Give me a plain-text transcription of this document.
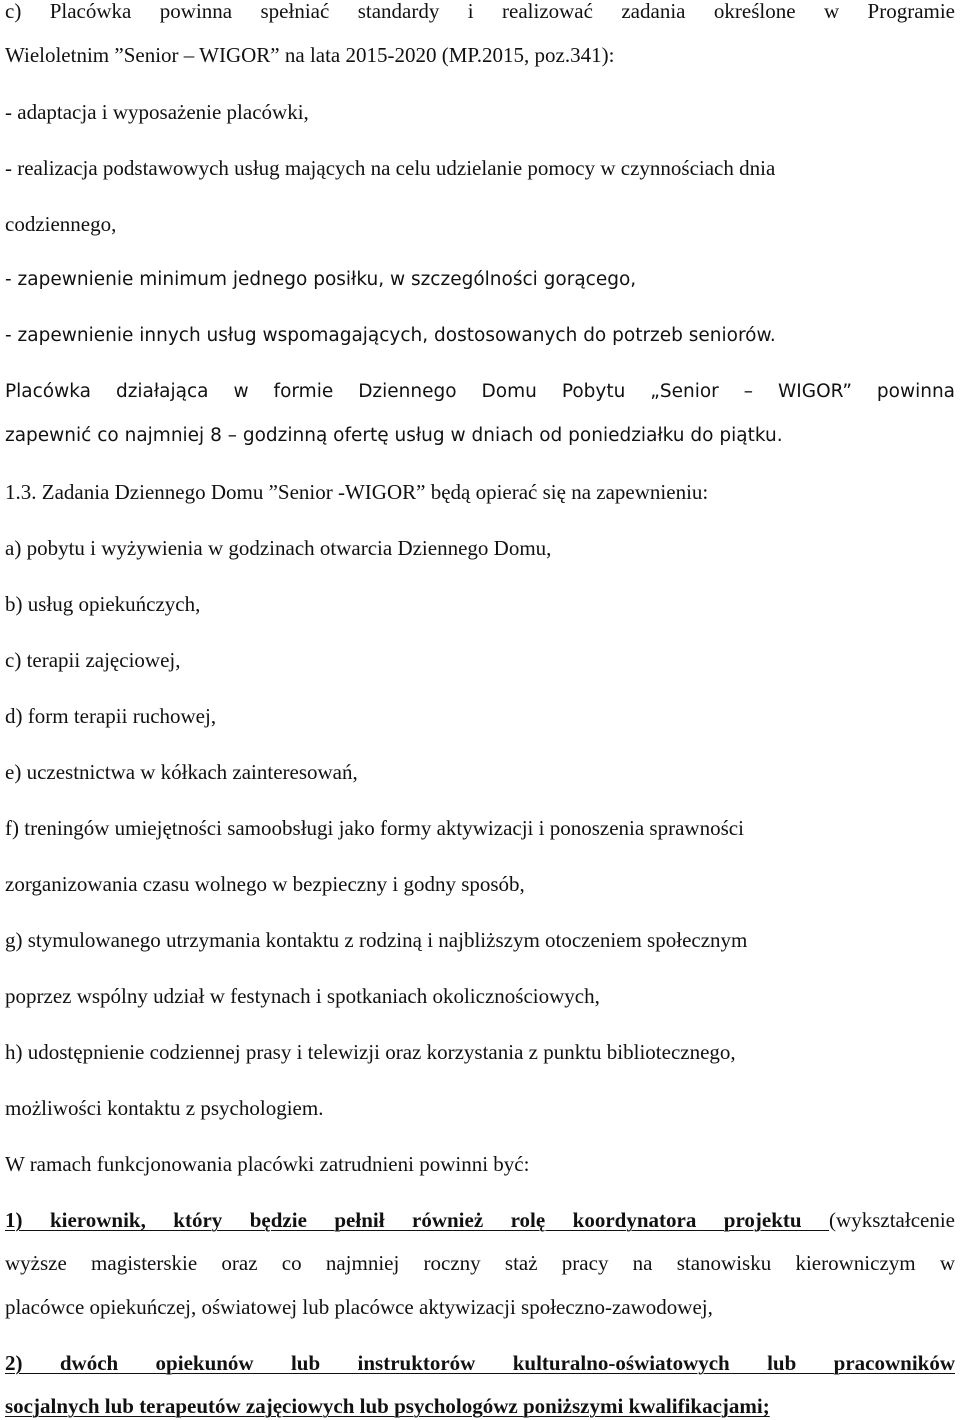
c) Placówka powinna spełniać standardy i realizować zadania określone w Programie
Wieloletnim ”Senior – WIGOR” na lata 2015-2020 (MP.2015, poz.341):
- adaptacja i wyposażenie placówki,
- realizacja podstawowych usług mających na celu udzielanie pomocy w czynnościach dnia
codziennego,
- zapewnienie minimum jednego posiłku, w szczególności gorącego,
- zapewnienie innych usług wspomagających, dostosowanych do potrzeb seniorów.
Placówka działająca w formie Dziennego Domu Pobytu „Senior – WIGOR” powinna
zapewnić co najmniej 8 – godzinną ofertę usług w dniach od poniedziałku do piątku.
1.3. Zadania Dziennego Domu ”Senior -WIGOR” będą opierać się na zapewnieniu:
a) pobytu i wyżywienia w godzinach otwarcia Dziennego Domu,
b) usług opiekuńczych,
c) terapii zajęciowej,
d) form terapii ruchowej,
e) uczestnictwa w kółkach zainteresowań,
f) treningów umiejętności samoobsługi jako formy aktywizacji i ponoszenia sprawności
zorganizowania czasu wolnego w bezpieczny i godny sposób,
g) stymulowanego utrzymania kontaktu z rodziną i najbliższym otoczeniem społecznym
poprzez wspólny udział w festynach i spotkaniach okolicznościowych,
h) udostępnienie codziennej prasy i telewizji oraz korzystania z punktu bibliotecznego,
możliwości kontaktu z psychologiem.
W ramach funkcjonowania placówki zatrudnieni powinni być:
1) kierownik, który będzie pełnił również rolę koordynatora projektu (wykształcenie
wyższe magisterskie oraz co najmniej roczny staż pracy na stanowisku kierowniczym w
placówce opiekuńczej, oświatowej lub placówce aktywizacji społeczno-zawodowej,
2) dwóch opiekunów lub instruktorów kulturalno-oświatowych lub pracowników
socjalnych lub terapeutów zajęciowych lub psychologówz poniższymi kwalifikacjami;
